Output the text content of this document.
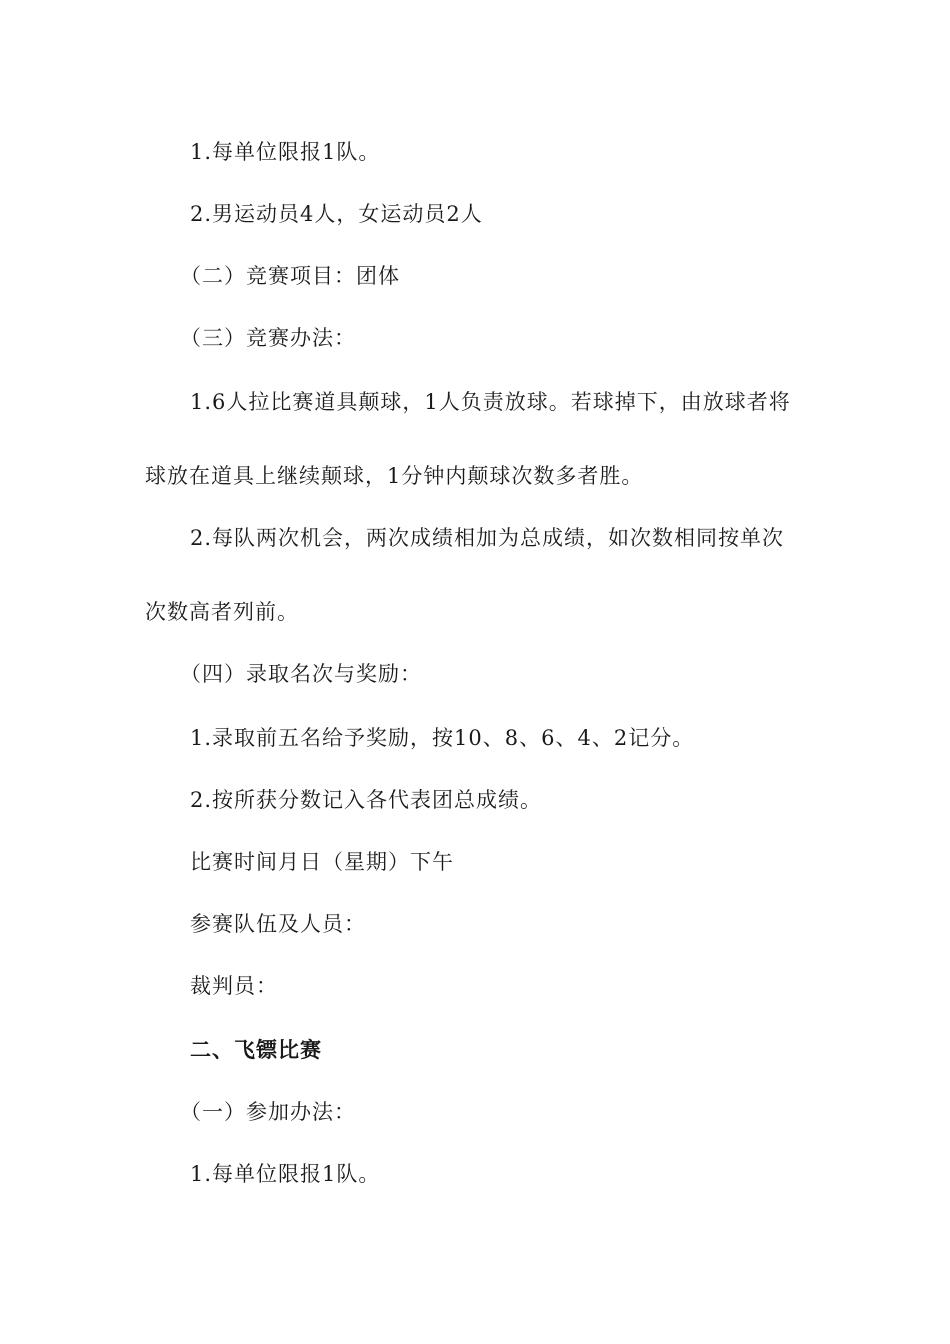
1.每单位限报1队。
2.男运动员4人，女运动员2人
（二）竞赛项目：团体
（三）竞赛办法：
1.6人拉比赛道具颠球，1人负责放球。若球掉下，由放球者将
球放在道具上继续颠球，1分钟内颠球次数多者胜。
2.每队两次机会，两次成绩相加为总成绩，如次数相同按单次
次数高者列前。
（四）录取名次与奖励：
1.录取前五名给予奖励，按10、8、6、4、2记分。
2.按所获分数记入各代表团总成绩。
比赛时间月日（星期）下午
参赛队伍及人员：
裁判员：
二、飞镖比赛
（一）参加办法：
1.每单位限报1队。
